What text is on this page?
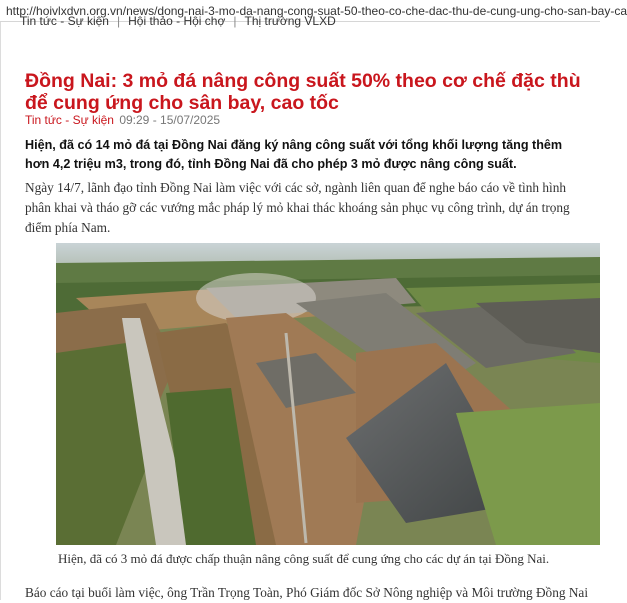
http://hoivlxdvn.org.vn/news/dong-nai-3-mo-da-nang-cong-suat-50-theo-co-che-dac-thu-de-cung-ung-cho-san-bay-ca
Tin tức - Sự kiện | Hội thảo - Hội chợ | Thị trường VLXD
Đồng Nai: 3 mỏ đá nâng công suất 50% theo cơ chế đặc thù để cung ứng cho sân bay, cao tốc
Tin tức - Sự kiện 09:29 - 15/07/2025

Hiện, đã có 14 mỏ đá tại Đồng Nai đăng ký nâng công suất với tổng khối lượng tăng thêm hơn 4,2 triệu m3, trong đó, tỉnh Đồng Nai đã cho phép 3 mỏ được nâng công suất.

Ngày 14/7, lãnh đạo tỉnh Đồng Nai làm việc với các sở, ngành liên quan để nghe báo cáo về tình hình phân khai và tháo gỡ các vướng mắc pháp lý mỏ khai thác khoáng sản phục vụ công trình, dự án trọng điểm phía Nam.

Hiện, đã có 3 mỏ đá được chấp thuận nâng công suất để cung ứng cho các dự án tại Đồng Nai.

Báo cáo tại buổi làm việc, ông Trần Trọng Toàn, Phó Giám đốc Sở Nông nghiệp và Môi trường Đồng Nai
